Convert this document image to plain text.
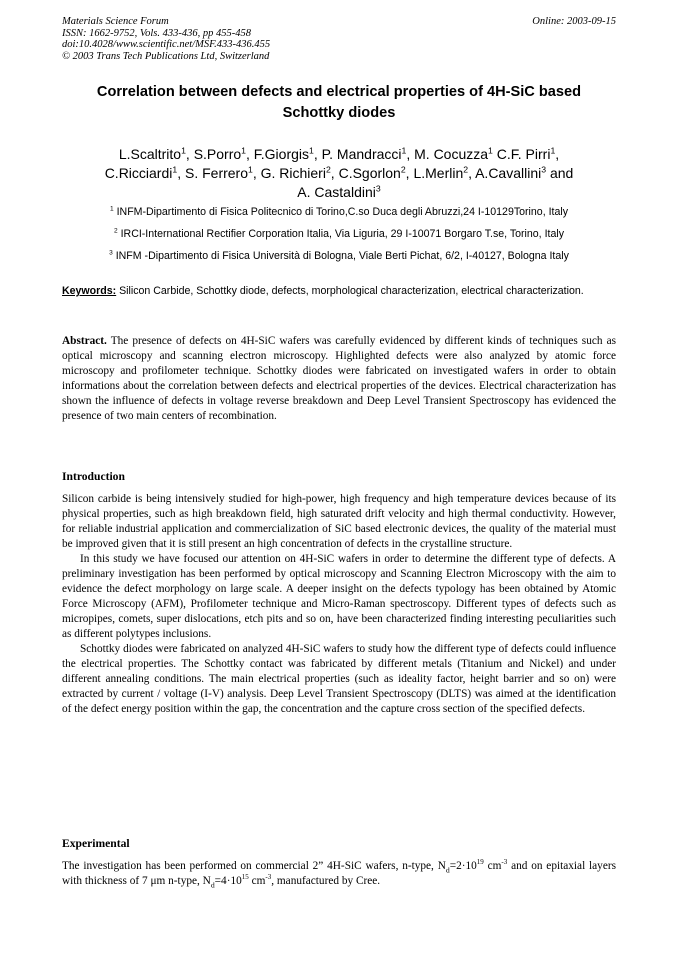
Materials Science Forum
ISSN: 1662-9752, Vols. 433-436, pp 455-458
doi:10.4028/www.scientific.net/MSF.433-436.455
© 2003 Trans Tech Publications Ltd, Switzerland
Online: 2003-09-15
Correlation between defects and electrical properties of 4H-SiC based
Schottky diodes
L.Scaltrito$^1$, S.Porro$^1$, F.Giorgis$^1$, P. Mandracci$^1$, M. Cocuzza$^1$ C.F. Pirri$^1$,
C.Ricciardi$^1$, S. Ferrero$^1$, G. Richieri$^2$, C.Sgorlon$^2$, L.Merlin$^2$, A.Cavallini$^3$ and
A. Castaldini$^3$
$^1$ INFM-Dipartimento di Fisica Politecnico di Torino,C.so Duca degli Abruzzi,24 I-10129Torino, Italy
$^2$ IRCI-International Rectifier Corporation Italia, Via Liguria, 29 I-10071 Borgaro T.se, Torino, Italy
$^3$ INFM -Dipartimento di Fisica Università di Bologna, Viale Berti Pichat, 6/2, I-40127, Bologna Italy
Keywords: Silicon Carbide, Schottky diode, defects, morphological characterization, electrical characterization.
Abstract. The presence of defects on 4H-SiC wafers was carefully evidenced by different kinds of techniques such as optical microscopy and scanning electron microscopy. Highlighted defects were also analyzed by atomic force microscopy and profilometer technique. Schottky diodes were fabricated on investigated wafers in order to obtain informations about the correlation between defects and electrical properties of the devices. Electrical characterization has shown the influence of defects in voltage reverse breakdown and Deep Level Transient Spectroscopy has evidenced the presence of two main centers of recombination.
Introduction
Silicon carbide is being intensively studied for high-power, high frequency and high temperature devices because of its physical properties, such as high breakdown field, high saturated drift velocity and high thermal conductivity. However, for reliable industrial application and commercialization of SiC based electronic devices, the quality of the material must be improved given that it is still present an high concentration of defects in the crystalline structure.
In this study we have focused our attention on 4H-SiC wafers in order to determine the different type of defects. A preliminary investigation has been performed by optical microscopy and Scanning Electron Microscopy with the aim to evidence the defect morphology on large scale. A deeper insight on the defects typology has been obtained by Atomic Force Microscopy (AFM), Profilometer technique and Micro-Raman spectroscopy. Different types of defects such as micropipes, comets, super dislocations, etch pits and so on, have been characterized finding interesting peculiarities such as different polytypes inclusions.
Schottky diodes were fabricated on analyzed 4H-SiC wafers to study how the different type of defects could influence the electrical properties. The Schottky contact was fabricated by different metals (Titanium and Nickel) and under different annealing conditions. The main electrical properties (such as ideality factor, height barrier and so on) were extracted by current / voltage (I-V) analysis. Deep Level Transient Spectroscopy (DLTS) was aimed at the identification of the defect energy position within the gap, the concentration and the capture cross section of the specified defects.
Experimental
The investigation has been performed on commercial 2” 4H-SiC wafers, n-type, $N_d=2\cdot 10^{19}$ $cm^{-3}$ and on epitaxial layers with thickness of 7 μm n-type, $N_d=4\cdot 10^{15}$ $cm^{-3}$, manufactured by Cree.
